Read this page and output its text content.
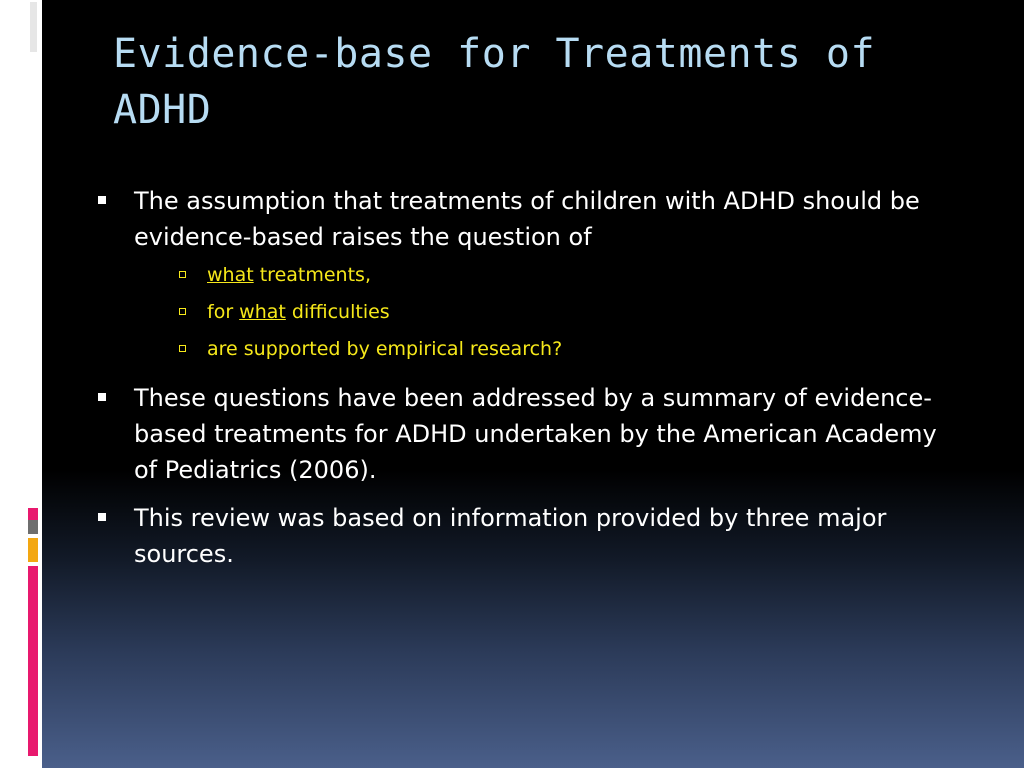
Evidence-base for Treatments of ADHD
The assumption that treatments of children with ADHD should be evidence-based raises the question of
what treatments,
for what difficulties
are supported by empirical research?
These questions have been addressed by a summary of evidence-based treatments for ADHD undertaken by the American Academy of Pediatrics (2006).
This review was based on information provided by three major sources.
